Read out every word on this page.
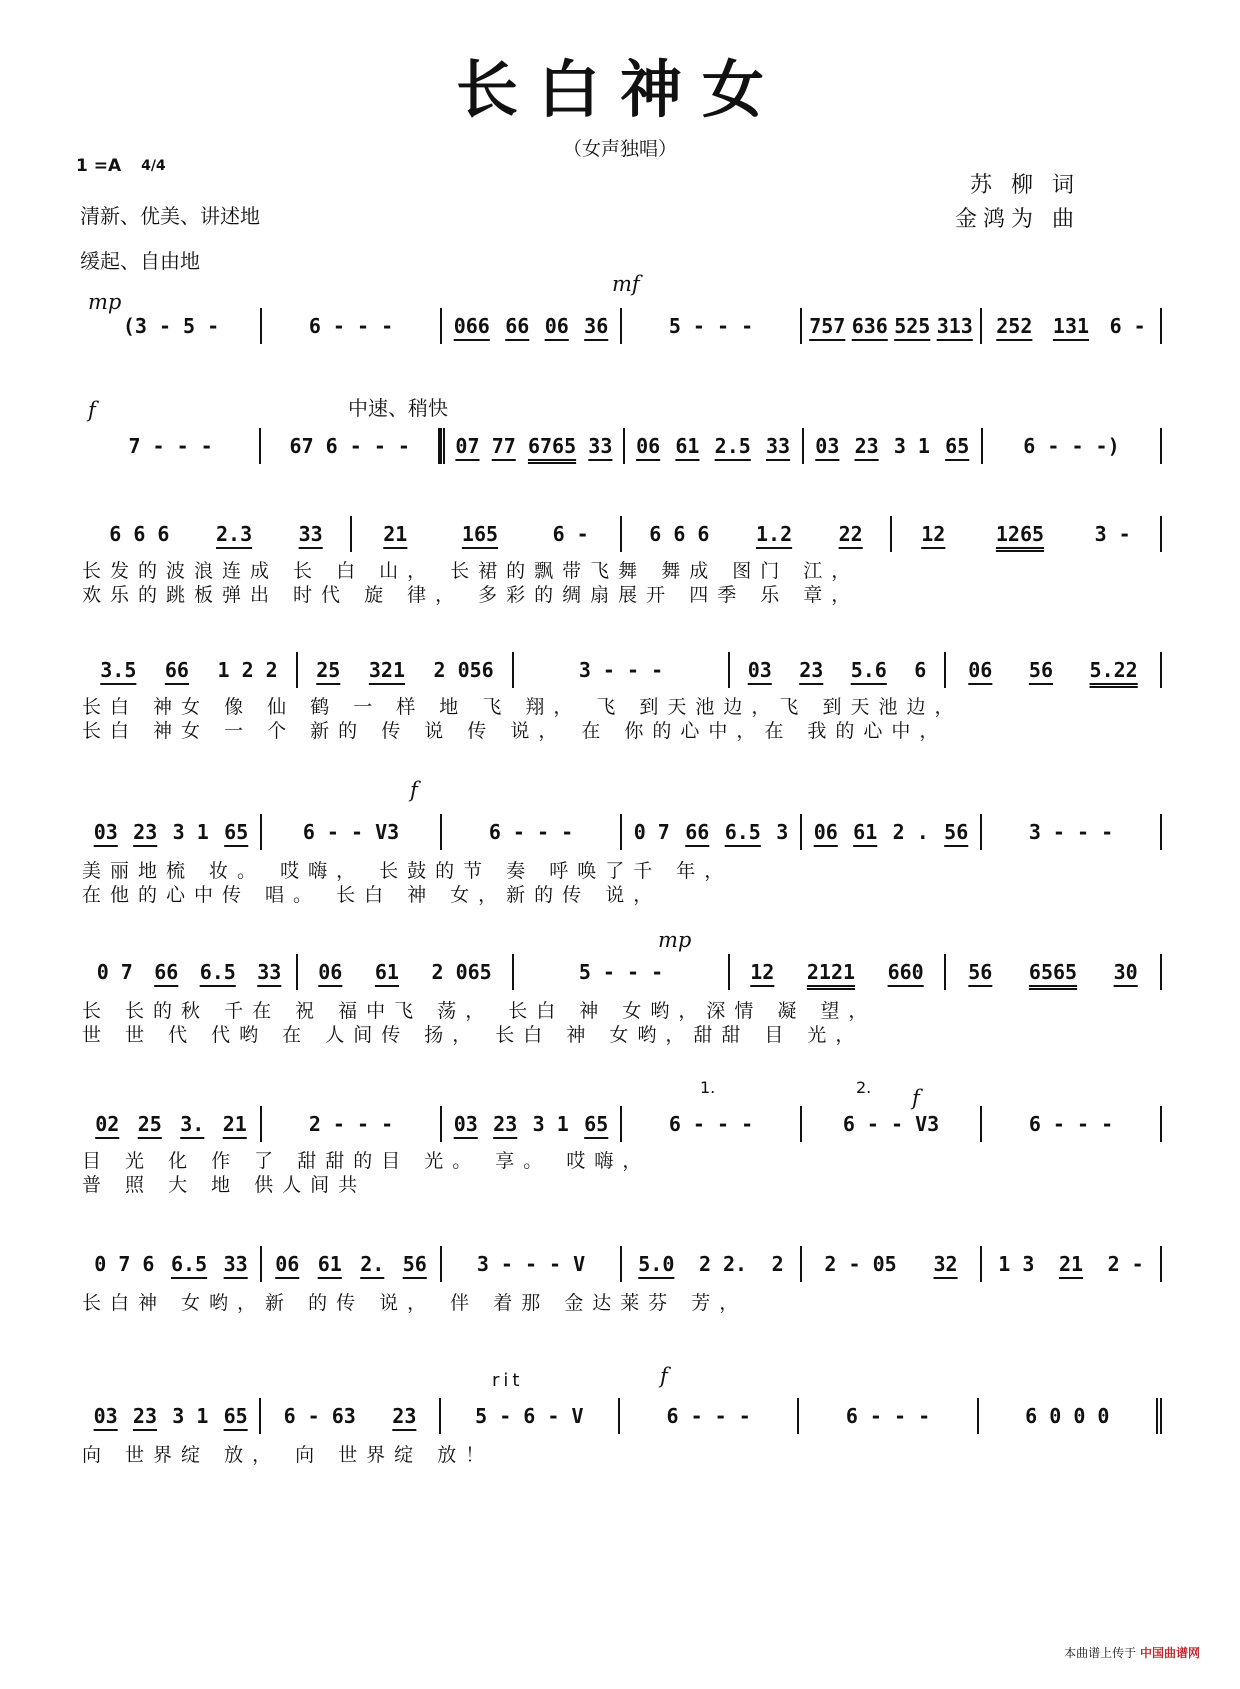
长白神女
（女声独唱）
1 =A 4/4
清新、优美、讲述地
缓起、自由地
苏 柳 词
金鸿为 曲
mp
mf
f	中速、稍快
f
mp
1.	2. f
rit	f
(3 - 5 -	6 - - -	066 66 06 36	5 - - -	757 636 525 313 252 131 6 -
7 - - -	67 6 - - - 07 77 6765 33 06 61 2.5 33 03 23 3 1 65	6 - - -)
6 6 6 2.3 33	21	165	6 -	6 6 6 1.2 22	12	1265	3 -
长发的波浪连成 长 白 山， 长裙的飘带飞舞 舞成 图门 江，
欢乐的跳板弹出 时代 旋 律， 多彩的绸扇展开 四季 乐 章，
3.5 66 1 2 2 25 321 2 056	3 - - -	03 23 5.6 6 06 56 5.22
长白 神女 像 仙 鹤 一 样 地 飞 翔， 飞 到天池边，飞 到天池边，
长白 神女 一 个 新的 传 说 传 说， 在 你的心中，在 我的心中，
03 23 3 1 65	6 - - V3	6 - - -	0 7 66 6.5 3 06 61 2 . 56	3 - - -
美丽地梳 妆。 哎嗨， 长鼓的节 奏 呼唤了千 年，
在他的心中传 唱。 长白 神 女，新的传 说，
0 7 66 6.5 33 06 61 2 065	5 - - -	12 2121 660 56 6565 30
长 长的秋 千在 祝 福中飞 荡， 长白 神 女哟，深情 凝 望，
世 世 代 代哟 在 人间传 扬， 长白 神 女哟，甜甜 目 光，
02 25 3. 21	2 - - -	03 23 3 1 65	6 - - -	6 - - V3	6 - - -
目 光 化 作 了 甜甜的目 光。 享。 哎嗨，
普 照 大 地 供人间共
0 7 6 6.5 33 06 61 2. 56	3 - - - V	5.0 2 2. 2 2 - 05 32 1 3 21 2 -
长白神 女哟，新 的传 说， 伴 着那 金达莱芬 芳，
03 23 3 1 65 6 - 63 23	5 - 6 - V	6 - - -	6 - - -	6 0 0 0
向 世界绽 放， 向 世界绽 放！
本曲谱上传于 中国曲谱网
